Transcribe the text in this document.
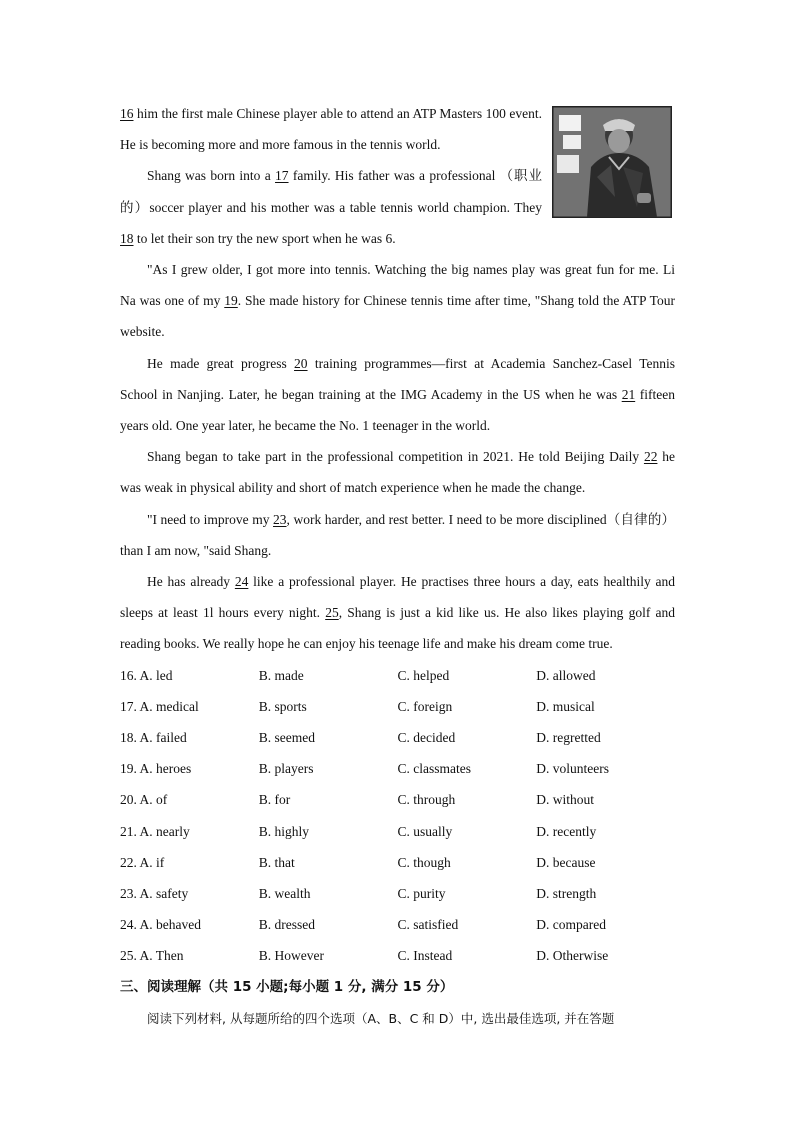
16 him the first male Chinese player able to attend an ATP Masters 100 event. He is becoming more and more famous in the tennis world.

Shang was born into a 17 family. His father was a professional （职业的）soccer player and his mother was a table tennis world champion. They 18 to let their son try the new sport when he was 6.

"As I grew older, I got more into tennis. Watching the big names play was great fun for me. Li Na was one of my 19. She made history for Chinese tennis time after time, "Shang told the ATP Tour website.

He made great progress 20 training programmes—first at Academia Sanchez-Casel Tennis School in Nanjing. Later, he began training at the IMG Academy in the US when he was 21 fifteen years old. One year later, he became the No. 1 teenager in the world.

Shang began to take part in the professional competition in 2021. He told Beijing Daily 22 he was weak in physical ability and short of match experience when he made the change.

"I need to improve my 23, work harder, and rest better. I need to be more disciplined（自律的） than I am now, "said Shang.

He has already 24 like a professional player. He practises three hours a day, eats healthily and sleeps at least 1l hours every night. 25, Shang is just a kid like us. He also likes playing golf and reading books. We really hope he can enjoy his teenage life and make his dream come true.

16. A. led	B. made	C. helped	D. allowed
17. A. medical	B. sports	C. foreign	D. musical
18. A. failed	B. seemed	C. decided	D. regretted
19. A. heroes	B. players	C. classmates	D. volunteers
20. A. of	B. for	C. through	D. without
21. A. nearly	B. highly	C. usually	D. recently
22. A. if	B. that	C. though	D. because
23. A. safety	B. wealth	C. purity	D. strength
24. A. behaved	B. dressed	C. satisfied	D. compared
25. A. Then	B. However	C. Instead	D. Otherwise
三、阅读理解（共 15 小题;每小题 1 分, 满分 15 分）
阅读下列材料, 从每题所给的四个选项（A、B、C 和 D）中, 选出最佳选项, 并在答题
